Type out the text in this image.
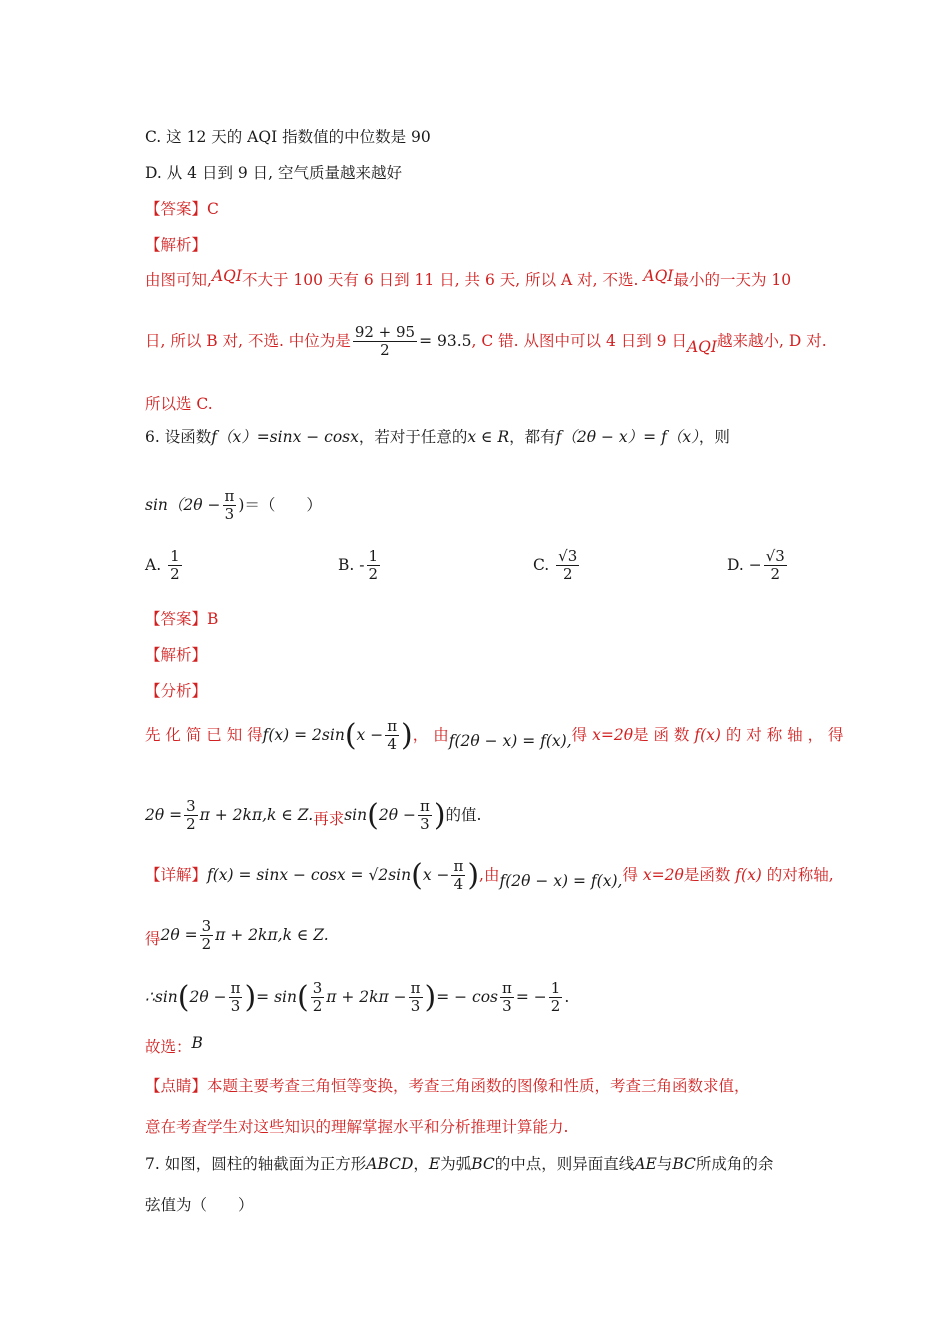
C. 这 12 天的 AQI 指数值的中位数是 90
D. 从 4 日到 9 日, 空气质量越来越好
【答案】C
【解析】
由图可知,AQI不大于 100 天有 6 日到 11 日, 共 6 天, 所以 A 对, 不选. AQI最小的一天为 10
日, 所以 B 对, 不选. 中位为是 $\frac{92 + 95}{2} = 93.5$, C 错. 从图中可以 4 日到 9 日AQI越来越小, D 对.
所以选 C.
6. 设函数f（x）=sinx − cosx，若对于任意的x ∈ R，都有f（2θ − x）= f（x），则
$\sin(2\theta - \frac{\pi}{3}$ )＝（　　）
A. $\frac{1}{2}$	B. - $\frac{1}{2}$	C. $\frac{√3}{2}$	D. − $\frac{√3}{2}$
【答案】B
【解析】
【分析】
先 化 简 已 知 得$f(x) = 2\sin(x - \frac{\pi}{4}$ )， 由f(2θ − x) = f(x),得 x=2θ是 函 数 f(x) 的 对 称 轴 ， 得
$2\theta = \frac{3}{2}$ π + 2kπ,k ∈ Z.再求$\sin(2\theta - \frac{\pi}{3}$ )的值.
【详解】$f(x) = \sin x - \cos x = √2\sin(x - \frac{\pi}{4}$ ),由f(2θ − x) = f(x),得 x=2θ是函数 f(x) 的对称轴,
得$2\theta = \frac{3}{2}$ π + 2kπ,k ∈ Z.
∴sin(2θ − $\frac{\pi}{3}$ )= $\sin( \frac{3}{2}$ $\pi + 2k\pi - \frac{\pi}{3}$ )= − $\cos \frac{\pi}{3}$ = − $\frac{1}{2}$ .
故选：B
【点睛】本题主要考查三角恒等变换，考查三角函数的图像和性质，考查三角函数求值，
意在考查学生对这些知识的理解掌握水平和分析推理计算能力.
7. 如图，圆柱的轴截面为正方形ABCD，E为弧BC的中点，则异面直线AE与BC所成角的余
弦值为（　　）
